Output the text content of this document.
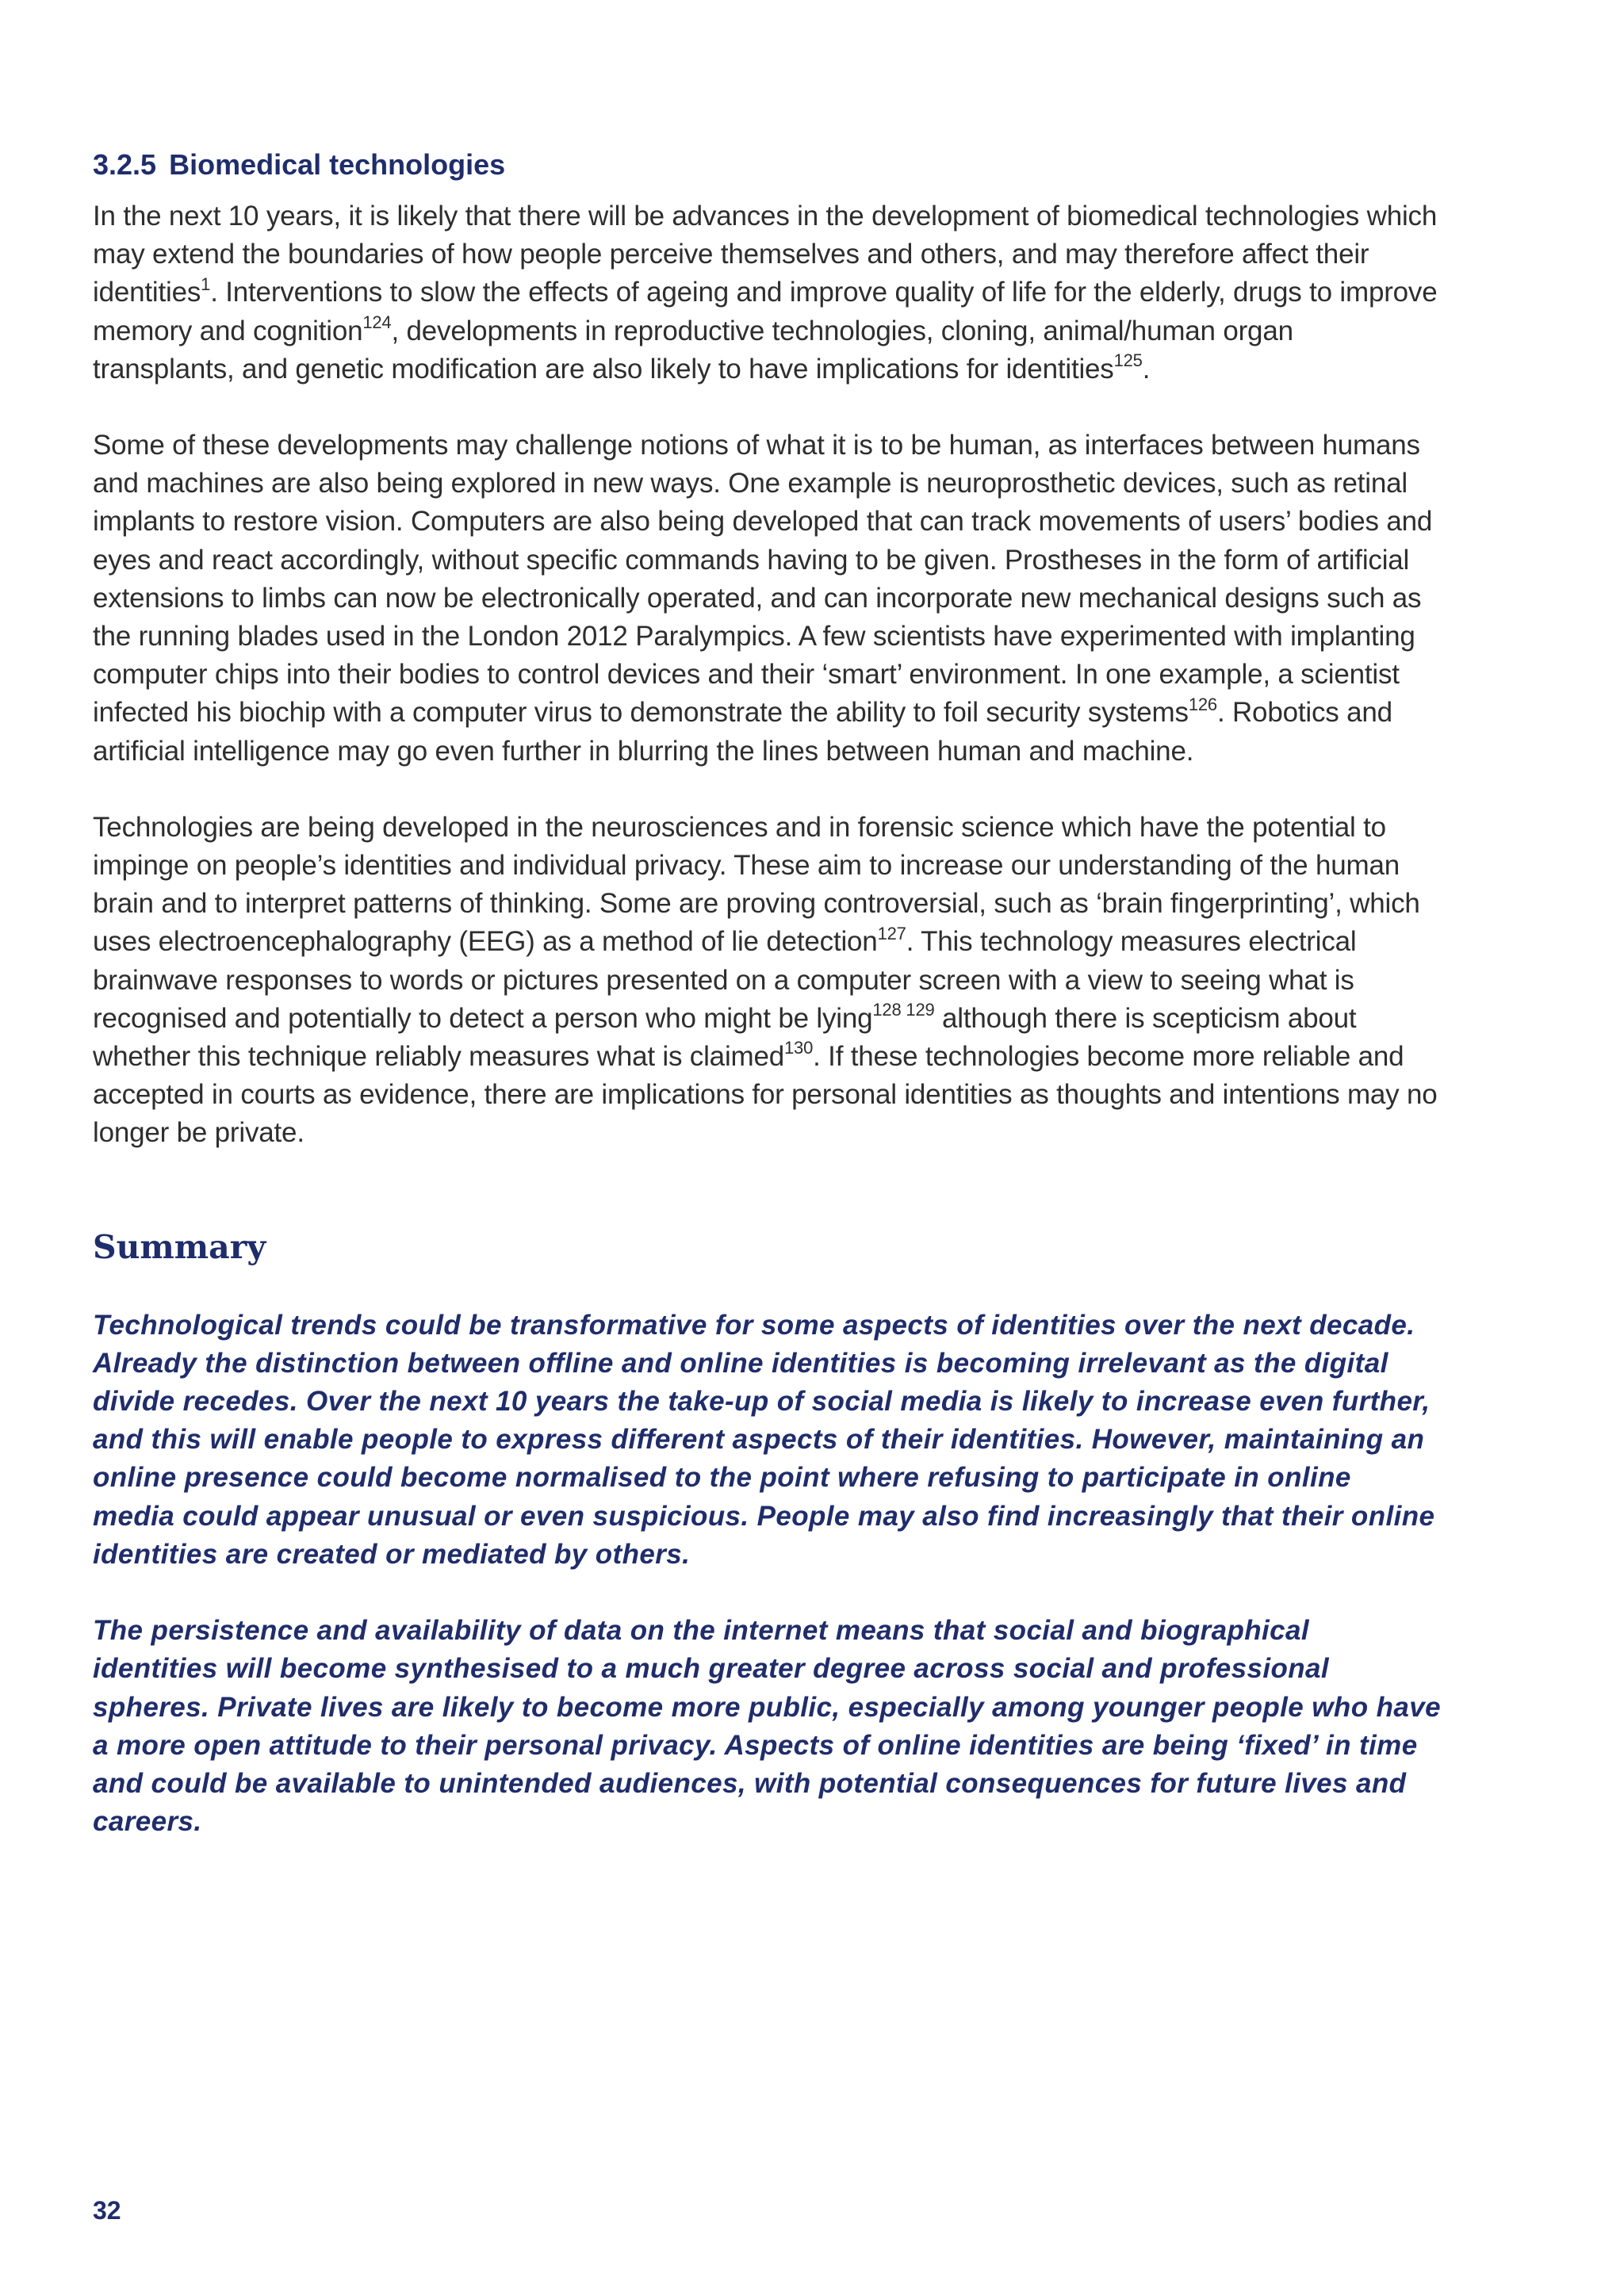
3.2.5 Biomedical technologies

In the next 10 years, it is likely that there will be advances in the development of biomedical technologies which may extend the boundaries of how people perceive themselves and others, and may therefore affect their identities$^1$. Interventions to slow the effects of ageing and improve quality of life for the elderly, drugs to improve memory and cognition$^{124}$, developments in reproductive technologies, cloning, animal/human organ transplants, and genetic modification are also likely to have implications for identities$^{125}$.

Some of these developments may challenge notions of what it is to be human, as interfaces between humans and machines are also being explored in new ways. One example is neuroprosthetic devices, such as retinal implants to restore vision. Computers are also being developed that can track movements of users’ bodies and eyes and react accordingly, without specific commands having to be given. Prostheses in the form of artificial extensions to limbs can now be electronically operated, and can incorporate new mechanical designs such as the running blades used in the London 2012 Paralympics. A few scientists have experimented with implanting computer chips into their bodies to control devices and their ‘smart’ environment. In one example, a scientist infected his biochip with a computer virus to demonstrate the ability to foil security systems$^{126}$. Robotics and artificial intelligence may go even further in blurring the lines between human and machine.

Technologies are being developed in the neurosciences and in forensic science which have the potential to impinge on people’s identities and individual privacy. These aim to increase our understanding of the human brain and to interpret patterns of thinking. Some are proving controversial, such as ‘brain fingerprinting’, which uses electroencephalography (EEG) as a method of lie detection$^{127}$. This technology measures electrical brainwave responses to words or pictures presented on a computer screen with a view to seeing what is recognised and potentially to detect a person who might be lying$^{128 129}$ although there is scepticism about whether this technique reliably measures what is claimed$^{130}$. If these technologies become more reliable and accepted in courts as evidence, there are implications for personal identities as thoughts and intentions may no longer be private.

Summary

Technological trends could be transformative for some aspects of identities over the next decade. Already the distinction between offline and online identities is becoming irrelevant as the digital divide recedes. Over the next 10 years the take-up of social media is likely to increase even further, and this will enable people to express different aspects of their identities. However, maintaining an online presence could become normalised to the point where refusing to participate in online media could appear unusual or even suspicious. People may also find increasingly that their online identities are created or mediated by others.

The persistence and availability of data on the internet means that social and biographical identities will become synthesised to a much greater degree across social and professional spheres. Private lives are likely to become more public, especially among younger people who have a more open attitude to their personal privacy. Aspects of online identities are being ‘fixed’ in time and could be available to unintended audiences, with potential consequences for future lives and careers.

32
